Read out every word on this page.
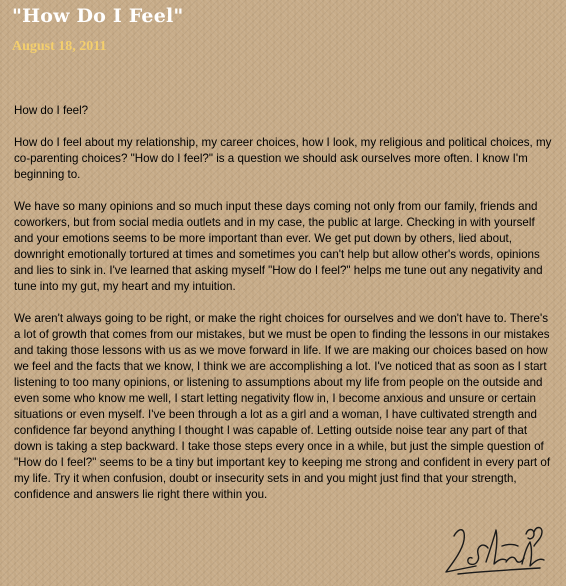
"How Do I Feel"
August 18, 2011

How do I feel?

How do I feel about my relationship, my career choices, how I look, my religious and political choices, my co-parenting choices? "How do I feel?" is a question we should ask ourselves more often. I know I'm beginning to.

We have so many opinions and so much input these days coming not only from our family, friends and coworkers, but from social media outlets and in my case, the public at large. Checking in with yourself and your emotions seems to be more important than ever. We get put down by others, lied about, downright emotionally tortured at times and sometimes you can't help but allow other's words, opinions and lies to sink in. I've learned that asking myself "How do I feel?" helps me tune out any negativity and tune into my gut, my heart and my intuition.

We aren't always going to be right, or make the right choices for ourselves and we don't have to. There's a lot of growth that comes from our mistakes, but we must be open to finding the lessons in our mistakes and taking those lessons with us as we move forward in life. If we are making our choices based on how we feel and the facts that we know, I think we are accomplishing a lot. I've noticed that as soon as I start listening to too many opinions, or listening to assumptions about my life from people on the outside and even some who know me well, I start letting negativity flow in, I become anxious and unsure or certain situations or even myself. I've been through a lot as a girl and a woman, I have cultivated strength and confidence far beyond anything I thought I was capable of. Letting outside noise tear any part of that down is taking a step backward. I take those steps every once in a while, but just the simple question of "How do I feel?" seems to be a tiny but important key to keeping me strong and confident in every part of my life. Try it when confusion, doubt or insecurity sets in and you might just find that your strength, confidence and answers lie right there within you.
